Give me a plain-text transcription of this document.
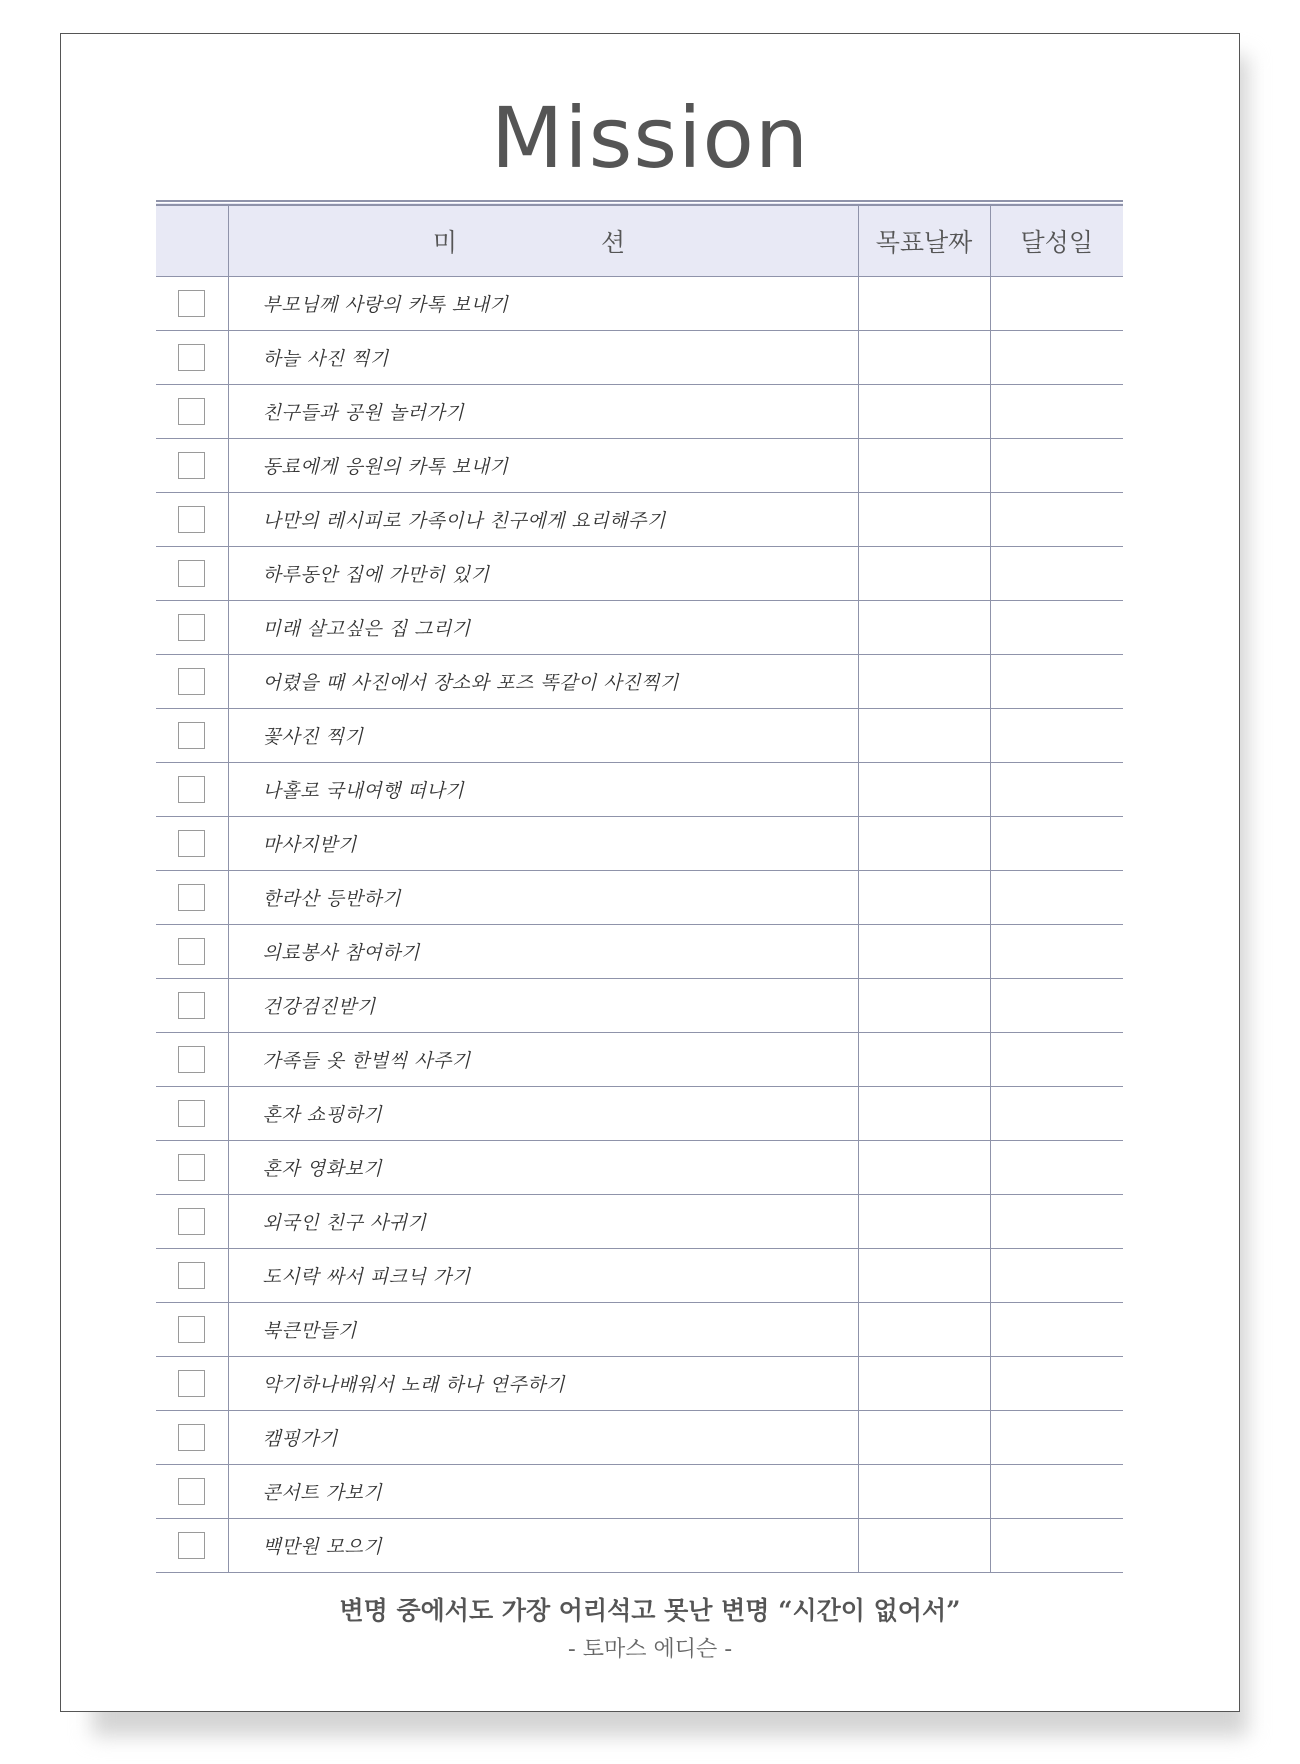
Mission
	미 션	목표날짜	달성일

	부모님께 사랑의 카톡 보내기		

	하늘 사진 찍기		

	친구들과 공원 놀러가기		

	동료에게 응원의 카톡 보내기		

	나만의 레시피로 가족이나 친구에게 요리해주기		

	하루동안 집에 가만히 있기		

	미래 살고싶은 집 그리기		

	어렸을 때 사진에서 장소와 포즈 똑같이 사진찍기		

	꽃사진 찍기		

	나홀로 국내여행 떠나기		

	마사지받기		

	한라산 등반하기		

	의료봉사 참여하기		

	건강검진받기		

	가족들 옷 한벌씩 사주기		

	혼자 쇼핑하기		

	혼자 영화보기		

	외국인 친구 사귀기		

	도시락 싸서 피크닉 가기		

	북큰만들기		

	악기하나배워서 노래 하나 연주하기		

	캠핑가기		

	콘서트 가보기		

	백만원 모으기		
변명 중에서도 가장 어리석고 못난 변명 “시간이 없어서”
- 토마스 에디슨 -
